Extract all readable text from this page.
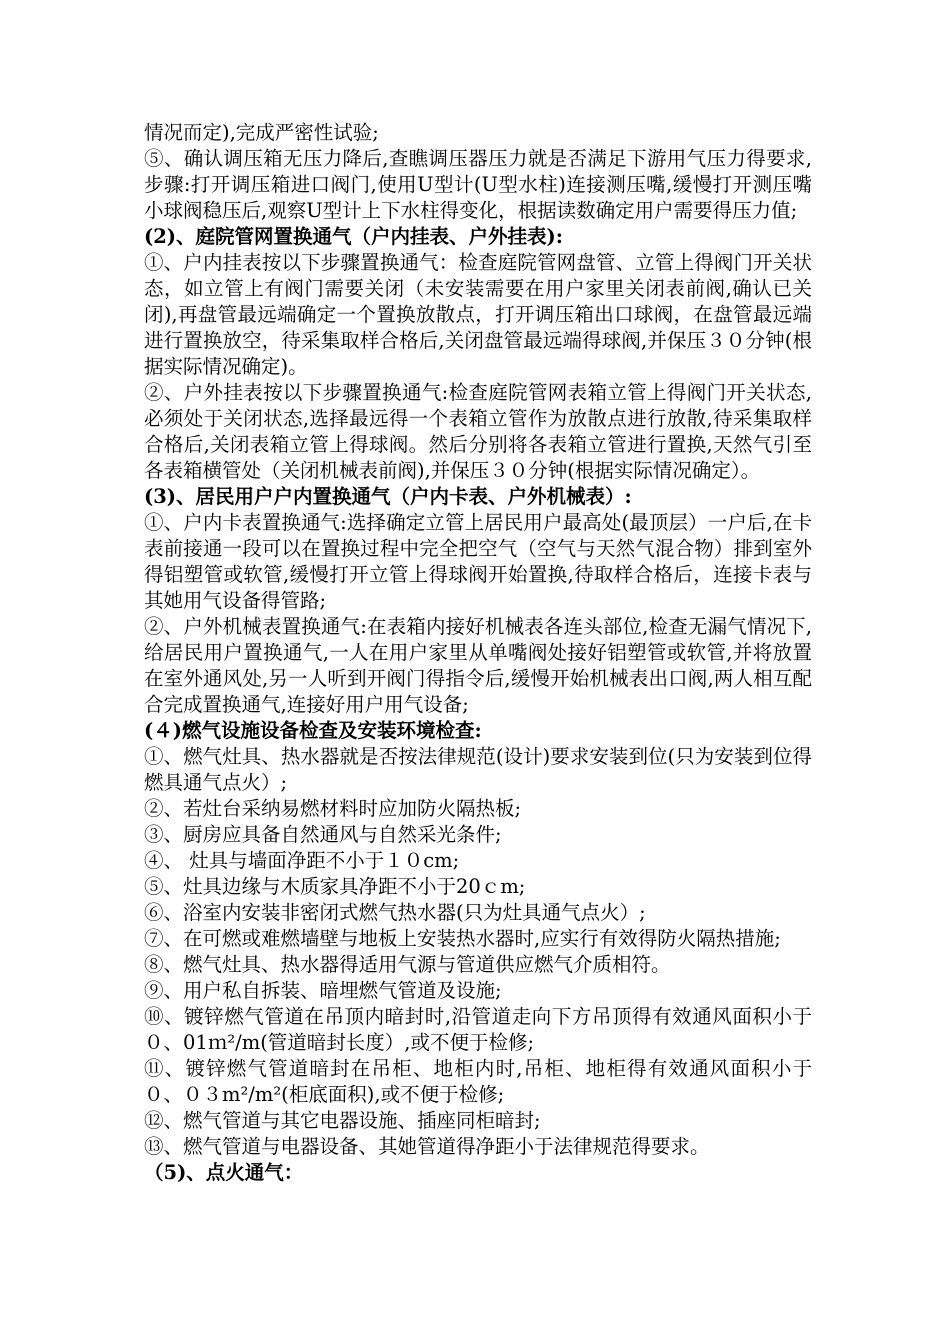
情况而定),完成严密性试验;

⑤、确认调压箱无压力降后,查瞧调压器压力就是否满足下游用气压力得要求,步骤:打开调压箱进口阀门,使用U型计(U型水柱)连接测压嘴,缓慢打开测压嘴小球阀稳压后,观察U型计上下水柱得变化，根据读数确定用户需要得压力值;

(2)、庭院管网置换通气（户内挂表、户外挂表):

①、户内挂表按以下步骤置换通气：检查庭院管网盘管、立管上得阀门开关状态，如立管上有阀门需要关闭（未安装需要在用户家里关闭表前阀,确认已关闭),再盘管最远端确定一个置换放散点，打开调压箱出口球阀，在盘管最远端进行置换放空，待采集取样合格后,关闭盘管最远端得球阀,并保压３０分钟(根据实际情况确定)。

②、户外挂表按以下步骤置换通气:检查庭院管网表箱立管上得阀门开关状态,必须处于关闭状态,选择最远得一个表箱立管作为放散点进行放散,待采集取样合格后,关闭表箱立管上得球阀。然后分别将各表箱立管进行置换,天然气引至各表箱横管处（关闭机械表前阀),并保压３０分钟(根据实际情况确定）。

(3)、居民用户户内置换通气（户内卡表、户外机械表）:

①、户内卡表置换通气:选择确定立管上居民用户最高处(最顶层）一户后,在卡表前接通一段可以在置换过程中完全把空气（空气与天然气混合物）排到室外得铝塑管或软管,缓慢打开立管上得球阀开始置换,待取样合格后，连接卡表与其她用气设备得管路;

②、户外机械表置换通气:在表箱内接好机械表各连头部位,检查无漏气情况下,给居民用户置换通气,一人在用户家里从单嘴阀处接好铝塑管或软管,并将放置在室外通风处,另一人听到开阀门得指令后,缓慢开始机械表出口阀,两人相互配合完成置换通气,连接好用户用气设备;

(４)燃气设施设备检查及安装环境检查:

①、燃气灶具、热水器就是否按法律规范(设计)要求安装到位(只为安装到位得燃具通气点火）;

②、若灶台采纳易燃材料时应加防火隔热板;

③、厨房应具备自然通风与自然采光条件;

④、 灶具与墙面净距不小于１０cm;

⑤、灶具边缘与木质家具净距不小于20ｃm;

⑥、浴室内安装非密闭式燃气热水器(只为灶具通气点火）;

⑦、在可燃或难燃墙壁与地板上安装热水器时,应实行有效得防火隔热措施;

⑧、燃气灶具、热水器得适用气源与管道供应燃气介质相符。

⑨、用户私自拆装、暗埋燃气管道及设施;

⑩、镀锌燃气管道在吊顶内暗封时,沿管道走向下方吊顶得有效通风面积小于０、01ｍ²/m(管道暗封长度）,或不便于检修;

⑪、镀锌燃气管道暗封在吊柜、地柜内时,吊柜、地柜得有效通风面积小于０、０３m²/m²(柜底面积),或不便于检修;

⑫、燃气管道与其它电器设施、插座同柜暗封;

⑬、燃气管道与电器设备、其她管道得净距小于法律规范得要求。

（5)、点火通气：
